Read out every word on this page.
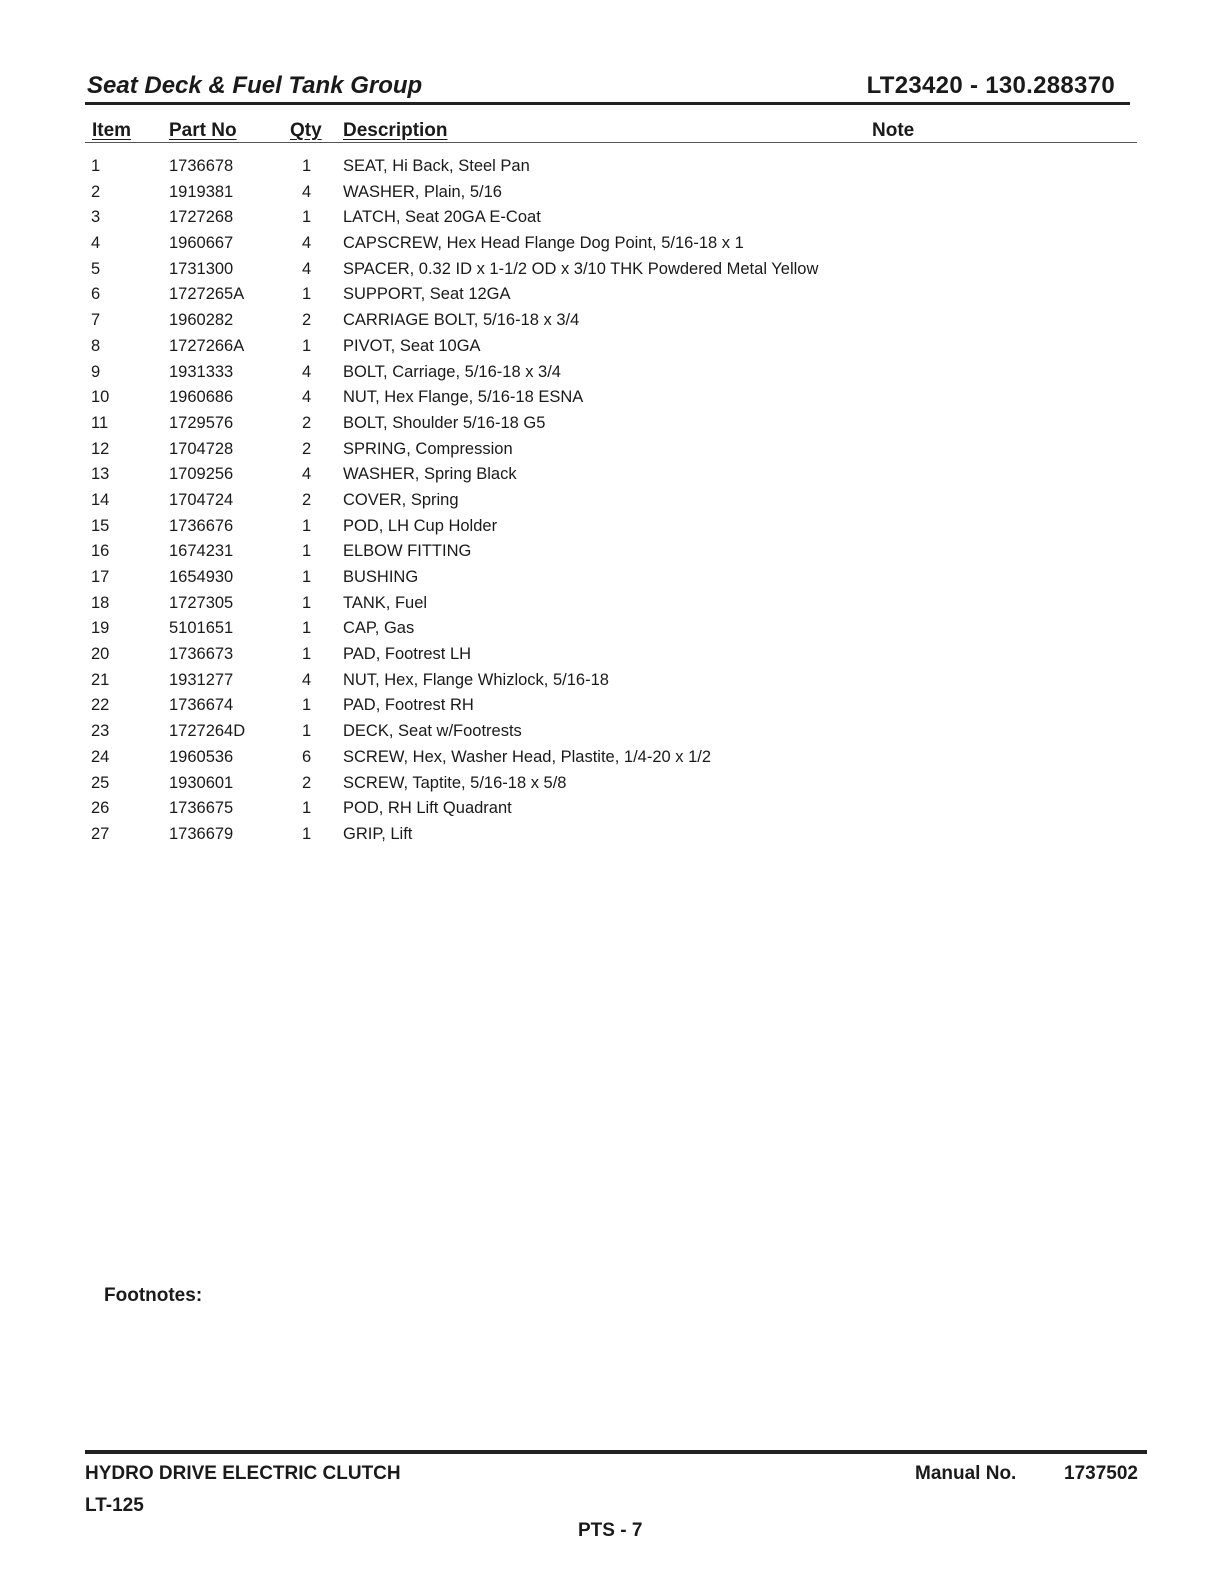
Seat Deck & Fuel Tank Group	LT23420 - 130.288370
Item Part No	Qty Description	Note
1	1736678	1 SEAT, Hi Back, Steel Pan
2	1919381	4 WASHER, Plain, 5/16
3	1727268	1 LATCH, Seat 20GA E-Coat
4	1960667	4 CAPSCREW, Hex Head Flange Dog Point, 5/16-18 x 1
5	1731300	4 SPACER, 0.32 ID x 1-1/2 OD x 3/10 THK Powdered Metal Yellow
6	1727265A	1 SUPPORT, Seat 12GA
7	1960282	2 CARRIAGE BOLT, 5/16-18 x 3/4
8	1727266A	1 PIVOT, Seat 10GA
9	1931333	4 BOLT, Carriage, 5/16-18 x 3/4
10	1960686	4 NUT, Hex Flange, 5/16-18 ESNA
11	1729576	2 BOLT, Shoulder 5/16-18 G5
12	1704728	2 SPRING, Compression
13	1709256	4 WASHER, Spring Black
14	1704724	2 COVER, Spring
15	1736676	1 POD, LH Cup Holder
16	1674231	1 ELBOW FITTING
17	1654930	1 BUSHING
18	1727305	1 TANK, Fuel
19	5101651	1 CAP, Gas
20	1736673	1 PAD, Footrest LH
21	1931277	4 NUT, Hex, Flange Whizlock, 5/16-18
22	1736674	1 PAD, Footrest RH
23	1727264D	1 DECK, Seat w/Footrests
24	1960536	6 SCREW, Hex, Washer Head, Plastite, 1/4-20 x 1/2
25	1930601	2 SCREW, Taptite, 5/16-18 x 5/8
26	1736675	1 POD, RH Lift Quadrant
27	1736679	1 GRIP, Lift
Footnotes:
HYDRO DRIVE ELECTRIC CLUTCH
LT-125
Manual No.	1737502
PTS - 7
